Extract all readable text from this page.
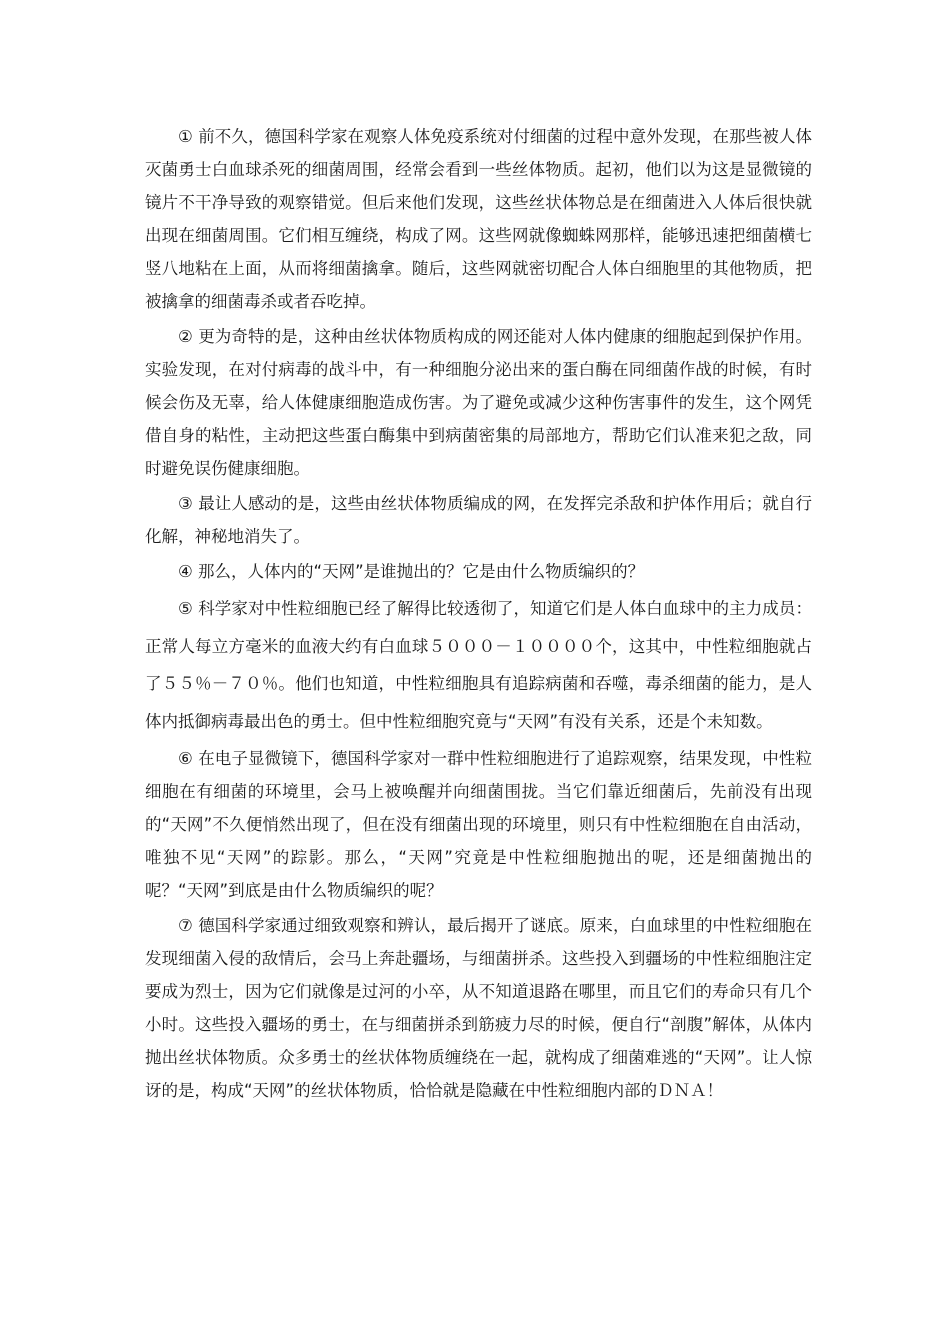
① 前不久，德国科学家在观察人体免疫系统对付细菌的过程中意外发现，在那些被人体灭菌勇士白血球杀死的细菌周围，经常会看到一些丝体物质。起初，他们以为这是显微镜的镜片不干净导致的观察错觉。但后来他们发现，这些丝状体物总是在细菌进入人体后很快就出现在细菌周围。它们相互缠绕，构成了网。这些网就像蜘蛛网那样，能够迅速把细菌横七竖八地粘在上面，从而将细菌擒拿。随后，这些网就密切配合人体白细胞里的其他物质，把被擒拿的细菌毒杀或者吞吃掉。

② 更为奇特的是，这种由丝状体物质构成的网还能对人体内健康的细胞起到保护作用。实验发现，在对付病毒的战斗中，有一种细胞分泌出来的蛋白酶在同细菌作战的时候，有时候会伤及无辜，给人体健康细胞造成伤害。为了避免或减少这种伤害事件的发生，这个网凭借自身的粘性，主动把这些蛋白酶集中到病菌密集的局部地方，帮助它们认准来犯之敌，同时避免误伤健康细胞。

③ 最让人感动的是，这些由丝状体物质编成的网，在发挥完杀敌和护体作用后；就自行化解，神秘地消失了。

④ 那么，人体内的“天网”是谁抛出的？它是由什么物质编织的？

⑤ 科学家对中性粒细胞已经了解得比较透彻了，知道它们是人体白血球中的主力成员：正常人每立方毫米的血液大约有白血球５０００－１００００个，这其中，中性粒细胞就占了５５％－７０％。他们也知道，中性粒细胞具有追踪病菌和吞噬，毒杀细菌的能力，是人体内抵御病毒最出色的勇士。但中性粒细胞究竟与“天网”有没有关系，还是个未知数。

⑥ 在电子显微镜下，德国科学家对一群中性粒细胞进行了追踪观察，结果发现，中性粒细胞在有细菌的环境里，会马上被唤醒并向细菌围拢。当它们靠近细菌后，先前没有出现的“天网”不久便悄然出现了，但在没有细菌出现的环境里，则只有中性粒细胞在自由活动，唯独不见“天网”的踪影。那么，“天网”究竟是中性粒细胞抛出的呢，还是细菌抛出的呢？“天网”到底是由什么物质编织的呢？

⑦ 德国科学家通过细致观察和辨认，最后揭开了谜底。原来，白血球里的中性粒细胞在发现细菌入侵的敌情后，会马上奔赴疆场，与细菌拼杀。这些投入到疆场的中性粒细胞注定要成为烈士，因为它们就像是过河的小卒，从不知道退路在哪里，而且它们的寿命只有几个小时。这些投入疆场的勇士，在与细菌拼杀到筋疲力尽的时候，便自行“剖腹”解体，从体内抛出丝状体物质。众多勇士的丝状体物质缠绕在一起，就构成了细菌难逃的“天网”。让人惊讶的是，构成“天网”的丝状体物质，恰恰就是隐藏在中性粒细胞内部的ＤＮＡ！
